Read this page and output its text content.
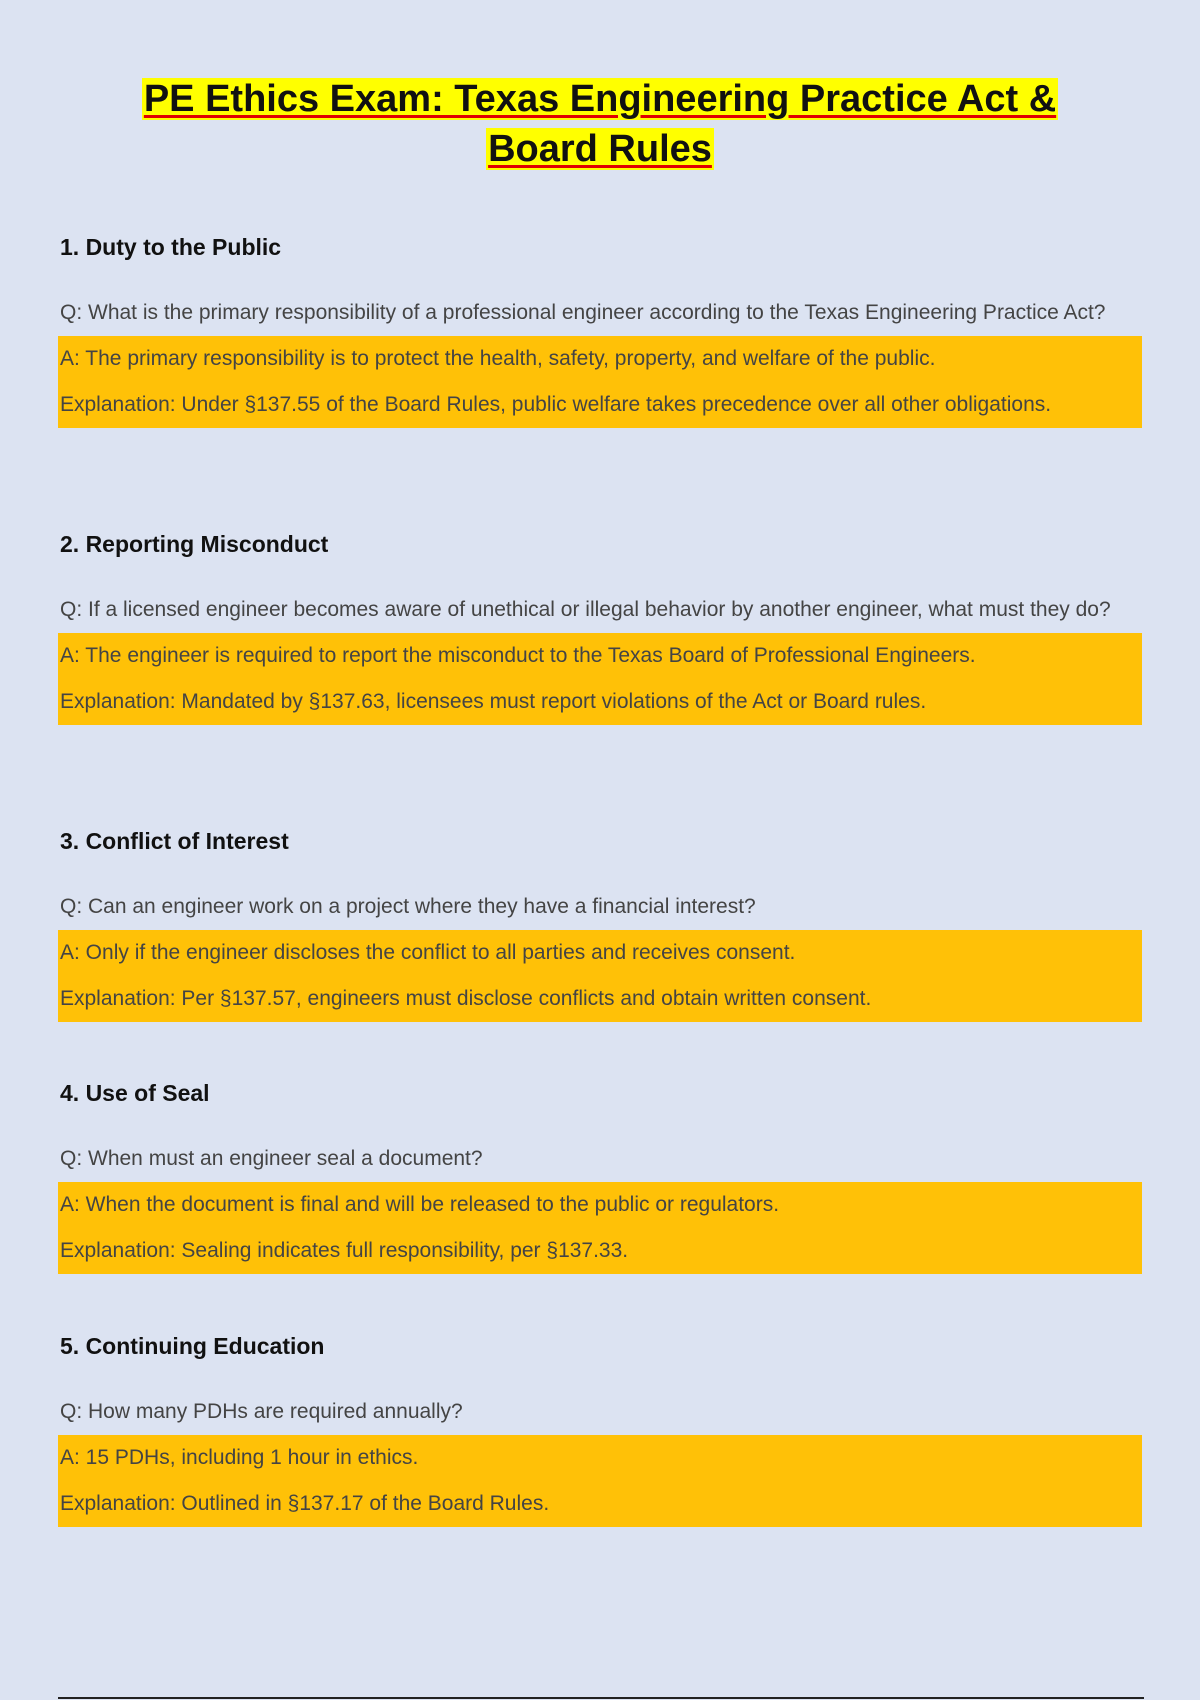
PE Ethics Exam: Texas Engineering Practice Act &
Board Rules
1. Duty to the Public

Q: What is the primary responsibility of a professional engineer according to the Texas Engineering Practice Act?

A: The primary responsibility is to protect the health, safety, property, and welfare of the public.

Explanation: Under §137.55 of the Board Rules, public welfare takes precedence over all other obligations.

2. Reporting Misconduct

Q: If a licensed engineer becomes aware of unethical or illegal behavior by another engineer, what must they do?

A: The engineer is required to report the misconduct to the Texas Board of Professional Engineers.

Explanation: Mandated by §137.63, licensees must report violations of the Act or Board rules.

3. Conflict of Interest

Q: Can an engineer work on a project where they have a financial interest?

A: Only if the engineer discloses the conflict to all parties and receives consent.

Explanation: Per §137.57, engineers must disclose conflicts and obtain written consent.

4. Use of Seal

Q: When must an engineer seal a document?

A: When the document is final and will be released to the public or regulators.

Explanation: Sealing indicates full responsibility, per §137.33.

5. Continuing Education

Q: How many PDHs are required annually?

A: 15 PDHs, including 1 hour in ethics.

Explanation: Outlined in §137.17 of the Board Rules.
